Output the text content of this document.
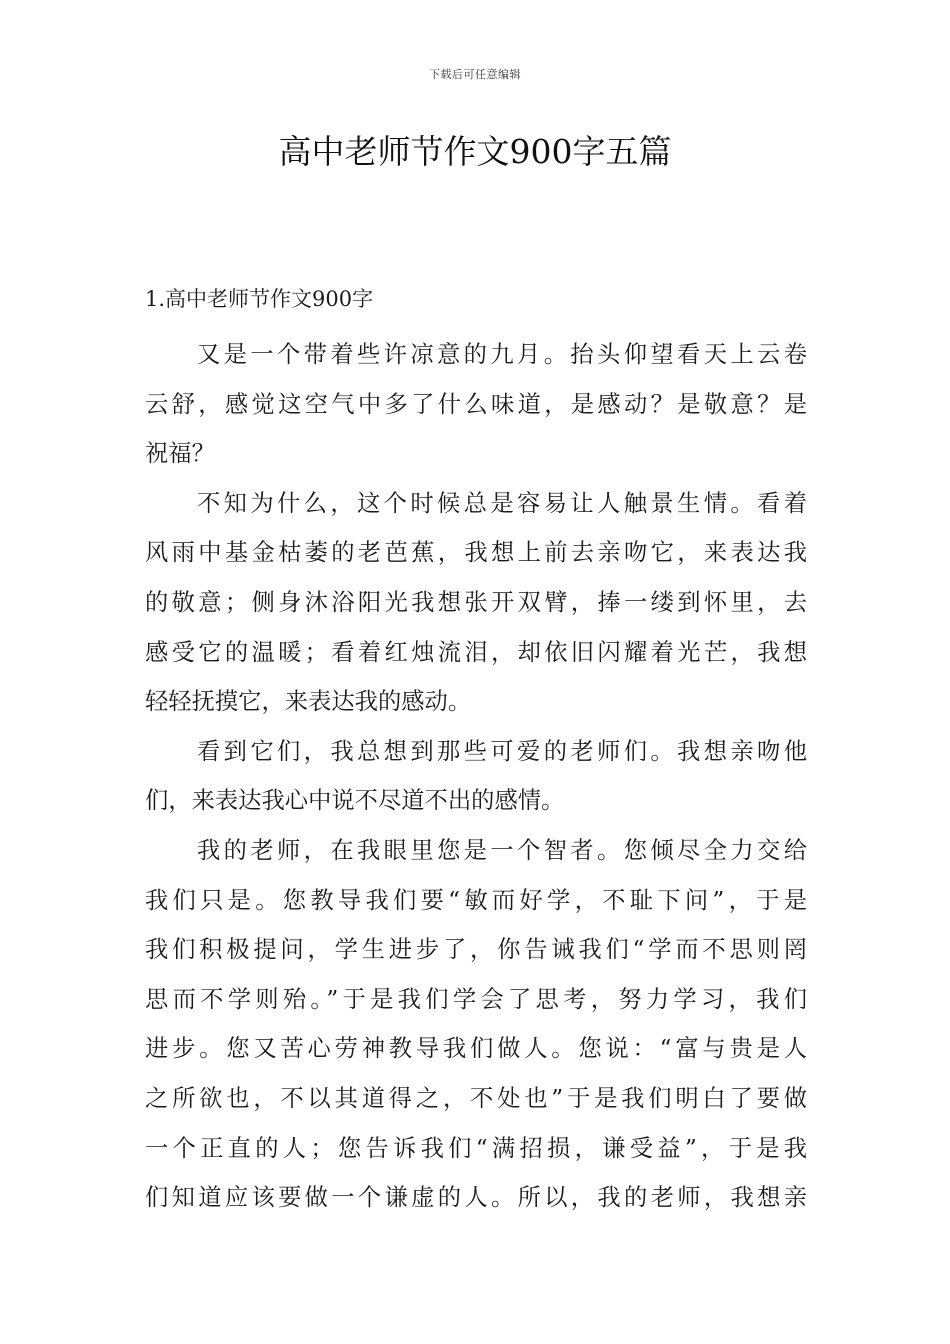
下载后可任意编辑
高中老师节作文900字五篇
1.高中老师节作文900字
又是一个带着些许凉意的九月。抬头仰望看天上云卷
云舒，感觉这空气中多了什么味道，是感动？是敬意？是
祝福？
不知为什么，这个时候总是容易让人触景生情。看着
风雨中基金枯萎的老芭蕉，我想上前去亲吻它，来表达我
的敬意；侧身沐浴阳光我想张开双臂，捧一缕到怀里，去
感受它的温暖；看着红烛流泪，却依旧闪耀着光芒，我想
轻轻抚摸它，来表达我的感动。
看到它们，我总想到那些可爱的老师们。我想亲吻他
们，来表达我心中说不尽道不出的感情。
我的老师，在我眼里您是一个智者。您倾尽全力交给
我们只是。您教导我们要“敏而好学，不耻下问”，于是
我们积极提问，学生进步了，你告诫我们“学而不思则罔
思而不学则殆。”于是我们学会了思考，努力学习，我们
进步。您又苦心劳神教导我们做人。您说：“富与贵是人
之所欲也，不以其道得之，不处也”于是我们明白了要做
一个正直的人；您告诉我们“满招损，谦受益”，于是我
们知道应该要做一个谦虚的人。所以，我的老师，我想亲
